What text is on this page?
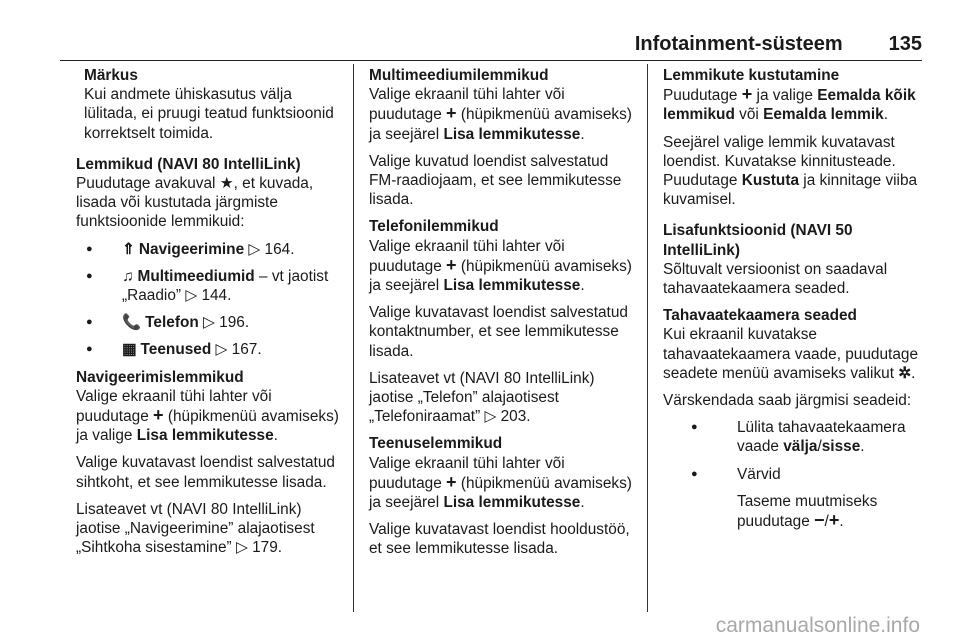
Infotainment-süsteem 135
Märkus
Kui andmete ühiskasutus välja lülitada, ei pruugi teatud funktsioonid korrektselt toimida.
Lemmikud (NAVI 80 IntelliLink)
Puudutage avakuval ★, et kuvada, lisada või kustutada järgmiste funktsioonide lemmikuid:
● ⇑ Navigeerimine ▷ 164.
● ♫ Multimeediumid – vt jaotist „Raadio” ▷ 144.
● 📞 Telefon ▷ 196.
● ▦ Teenused ▷ 167.
Navigeerimislemmikud
Valige ekraanil tühi lahter või puudutage + (hüpikmenüü avamiseks) ja valige Lisa lemmikutesse.
Valige kuvatavast loendist salvestatud sihtkoht, et see lemmikutesse lisada.
Lisateavet vt (NAVI 80 IntelliLink) jaotise „Navigeerimine” alajaotisest „Sihtkoha sisestamine” ▷ 179.
Multimeediumilemmikud
Valige ekraanil tühi lahter või puudutage + (hüpikmenüü avamiseks) ja seejärel Lisa lemmikutesse.
Valige kuvatud loendist salvestatud FM-raadiojaam, et see lemmikutesse lisada.
Telefonilemmikud
Valige ekraanil tühi lahter või puudutage + (hüpikmenüü avamiseks) ja seejärel Lisa lemmikutesse.
Valige kuvatavast loendist salvestatud kontaktnumber, et see lemmikutesse lisada.
Lisateavet vt (NAVI 80 IntelliLink) jaotise „Telefon” alajaotisest „Telefoniraamat” ▷ 203.
Teenuselemmikud
Valige ekraanil tühi lahter või puudutage + (hüpikmenüü avamiseks) ja seejärel Lisa lemmikutesse.
Valige kuvatavast loendist hooldustöö, et see lemmikutesse lisada.
Lemmikute kustutamine
Puudutage + ja valige Eemalda kõik lemmikud või Eemalda lemmik.
Seejärel valige lemmik kuvatavast loendist. Kuvatakse kinnitusteade. Puudutage Kustuta ja kinnitage viiba kuvamisel.
Lisafunktsioonid (NAVI 50 IntelliLink)
Sõltuvalt versioonist on saadaval tahavaatekaamera seaded.
Tahavaatekaamera seaded
Kui ekraanil kuvatakse tahavaatekaamera vaade, puudutage seadete menüü avamiseks valikut ✲.
Värskendada saab järgmisi seadeid:
● Lülita tahavaatekaamera vaade välja/sisse.
● Värvid
Taseme muutmiseks puudutage −/+.
carmanualsonline.info
